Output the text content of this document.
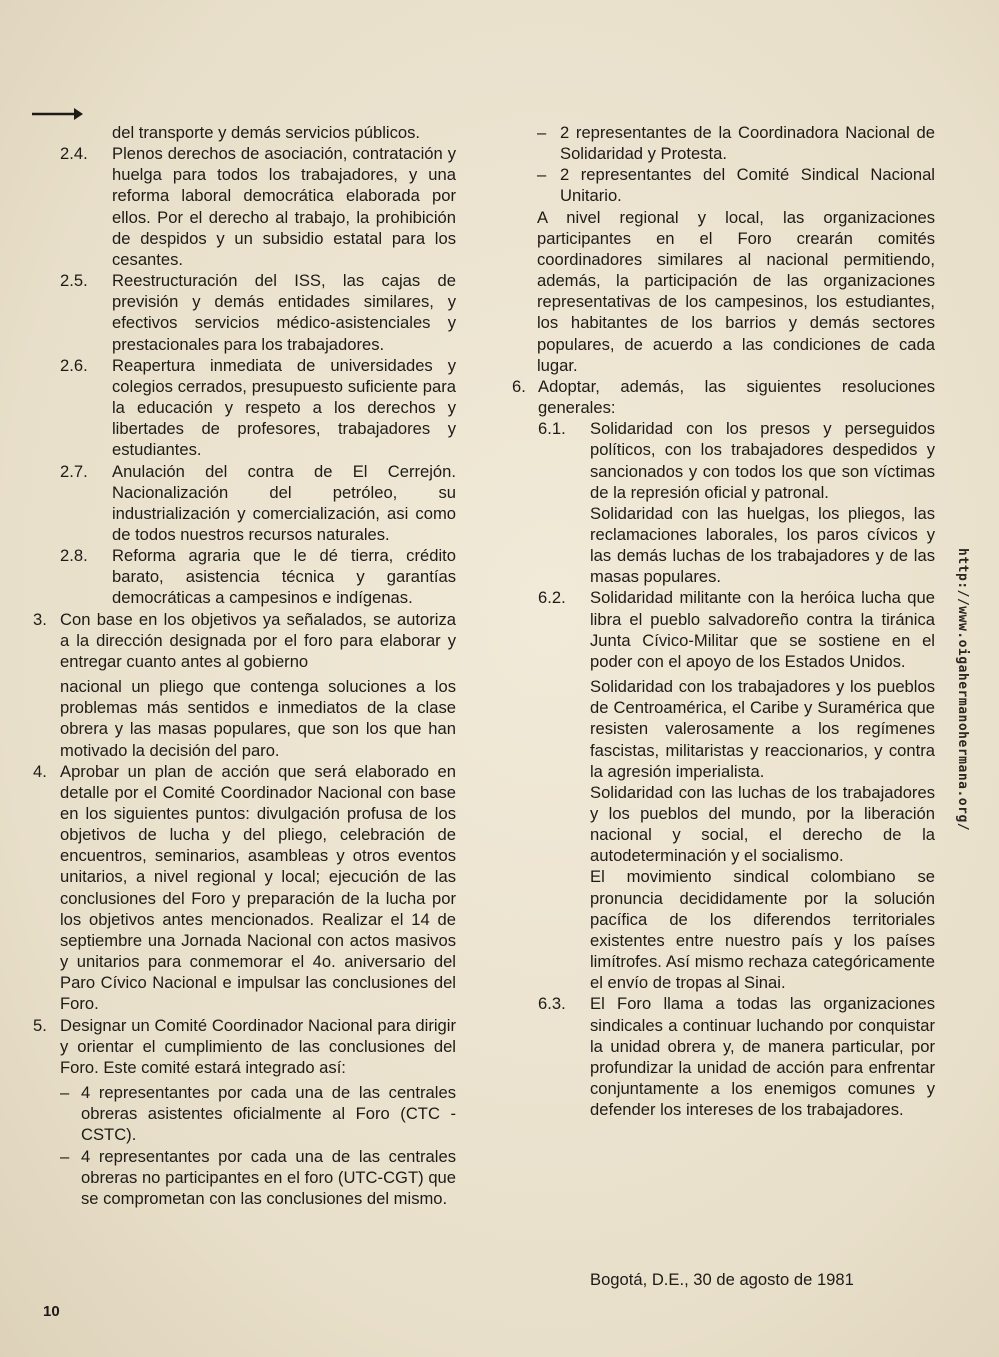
del transporte y demás servicios públicos.
2.4. Plenos derechos de asociación, contratación y huelga para todos los trabajadores, y una reforma laboral democrática elaborada por ellos. Por el derecho al trabajo, la prohibición de despidos y un subsidio estatal para los cesantes.
2.5. Reestructuración del ISS, las cajas de previsión y demás entidades similares, y efectivos servicios médico-asistenciales y prestacionales para los trabajadores.
2.6. Reapertura inmediata de universidades y colegios cerrados, presupuesto suficiente para la educación y respeto a los derechos y libertades de profesores, trabajadores y estudiantes.
2.7. Anulación del contra de El Cerrejón. Nacionalización del petróleo, su industrialización y comercialización, asi como de todos nuestros recursos naturales.
2.8. Reforma agraria que le dé tierra, crédito barato, asistencia técnica y garantías democráticas a campesinos e indígenas.
3. Con base en los objetivos ya señalados, se autoriza a la dirección designada por el foro para elaborar y entregar cuanto antes al gobierno
nacional un pliego que contenga soluciones a los problemas más sentidos e inmediatos de la clase obrera y las masas populares, que son los que han motivado la decisión del paro.
4. Aprobar un plan de acción que será elaborado en detalle por el Comité Coordinador Nacional con base en los siguientes puntos: divulgación profusa de los objetivos de lucha y del pliego, celebración de encuentros, seminarios, asambleas y otros eventos unitarios, a nivel regional y local; ejecución de las conclusiones del Foro y preparación de la lucha por los objetivos antes mencionados. Realizar el 14 de septiembre una Jornada Nacional con actos masivos y unitarios para conmemorar el 4o. aniversario del Paro Cívico Nacional e impulsar las conclusiones del Foro.
5. Designar un Comité Coordinador Nacional para dirigir y orientar el cumplimiento de las conclusiones del Foro. Este comité estará integrado así:
– 4 representantes por cada una de las centrales obreras asistentes oficialmente al Foro (CTC - CSTC).
– 4 representantes por cada una de las centrales obreras no participantes en el foro (UTC-CGT) que se comprometan con las conclusiones del mismo.
– 2 representantes de la Coordinadora Nacional de Solidaridad y Protesta.
– 2 representantes del Comité Sindical Nacional Unitario.
A nivel regional y local, las organizaciones participantes en el Foro crearán comités coordinadores similares al nacional permitiendo, además, la participación de las organizaciones representativas de los campesinos, los estudiantes, los habitantes de los barrios y demás sectores populares, de acuerdo a las condiciones de cada lugar.
6. Adoptar, además, las siguientes resoluciones generales:
6.1. Solidaridad con los presos y perseguidos políticos, con los trabajadores despedidos y sancionados y con todos los que son víctimas de la represión oficial y patronal.
Solidaridad con las huelgas, los pliegos, las reclamaciones laborales, los paros cívicos y las demás luchas de los trabajadores y de las masas populares.
6.2. Solidaridad militante con la heróica lucha que libra el pueblo salvadoreño contra la tiránica Junta Cívico-Militar que se sostiene en el poder con el apoyo de los Estados Unidos.
Solidaridad con los trabajadores y los pueblos de Centroamérica, el Caribe y Suramérica que resisten valerosamente a los regímenes fascistas, militaristas y reaccionarios, y contra la agresión imperialista.
Solidaridad con las luchas de los trabajadores y los pueblos del mundo, por la liberación nacional y social, el derecho de la autodeterminación y el socialismo.
El movimiento sindical colombiano se pronuncia decididamente por la solución pacífica de los diferendos territoriales existentes entre nuestro país y los países limítrofes. Así mismo rechaza categóricamente el envío de tropas al Sinai.
6.3. El Foro llama a todas las organizaciones sindicales a continuar luchando por conquistar la unidad obrera y, de manera particular, por profundizar la unidad de acción para enfrentar conjuntamente a los enemigos comunes y defender los intereses de los trabajadores.
Bogotá, D.E., 30 de agosto de 1981
10
http://www.oigahermanohermana.org/
